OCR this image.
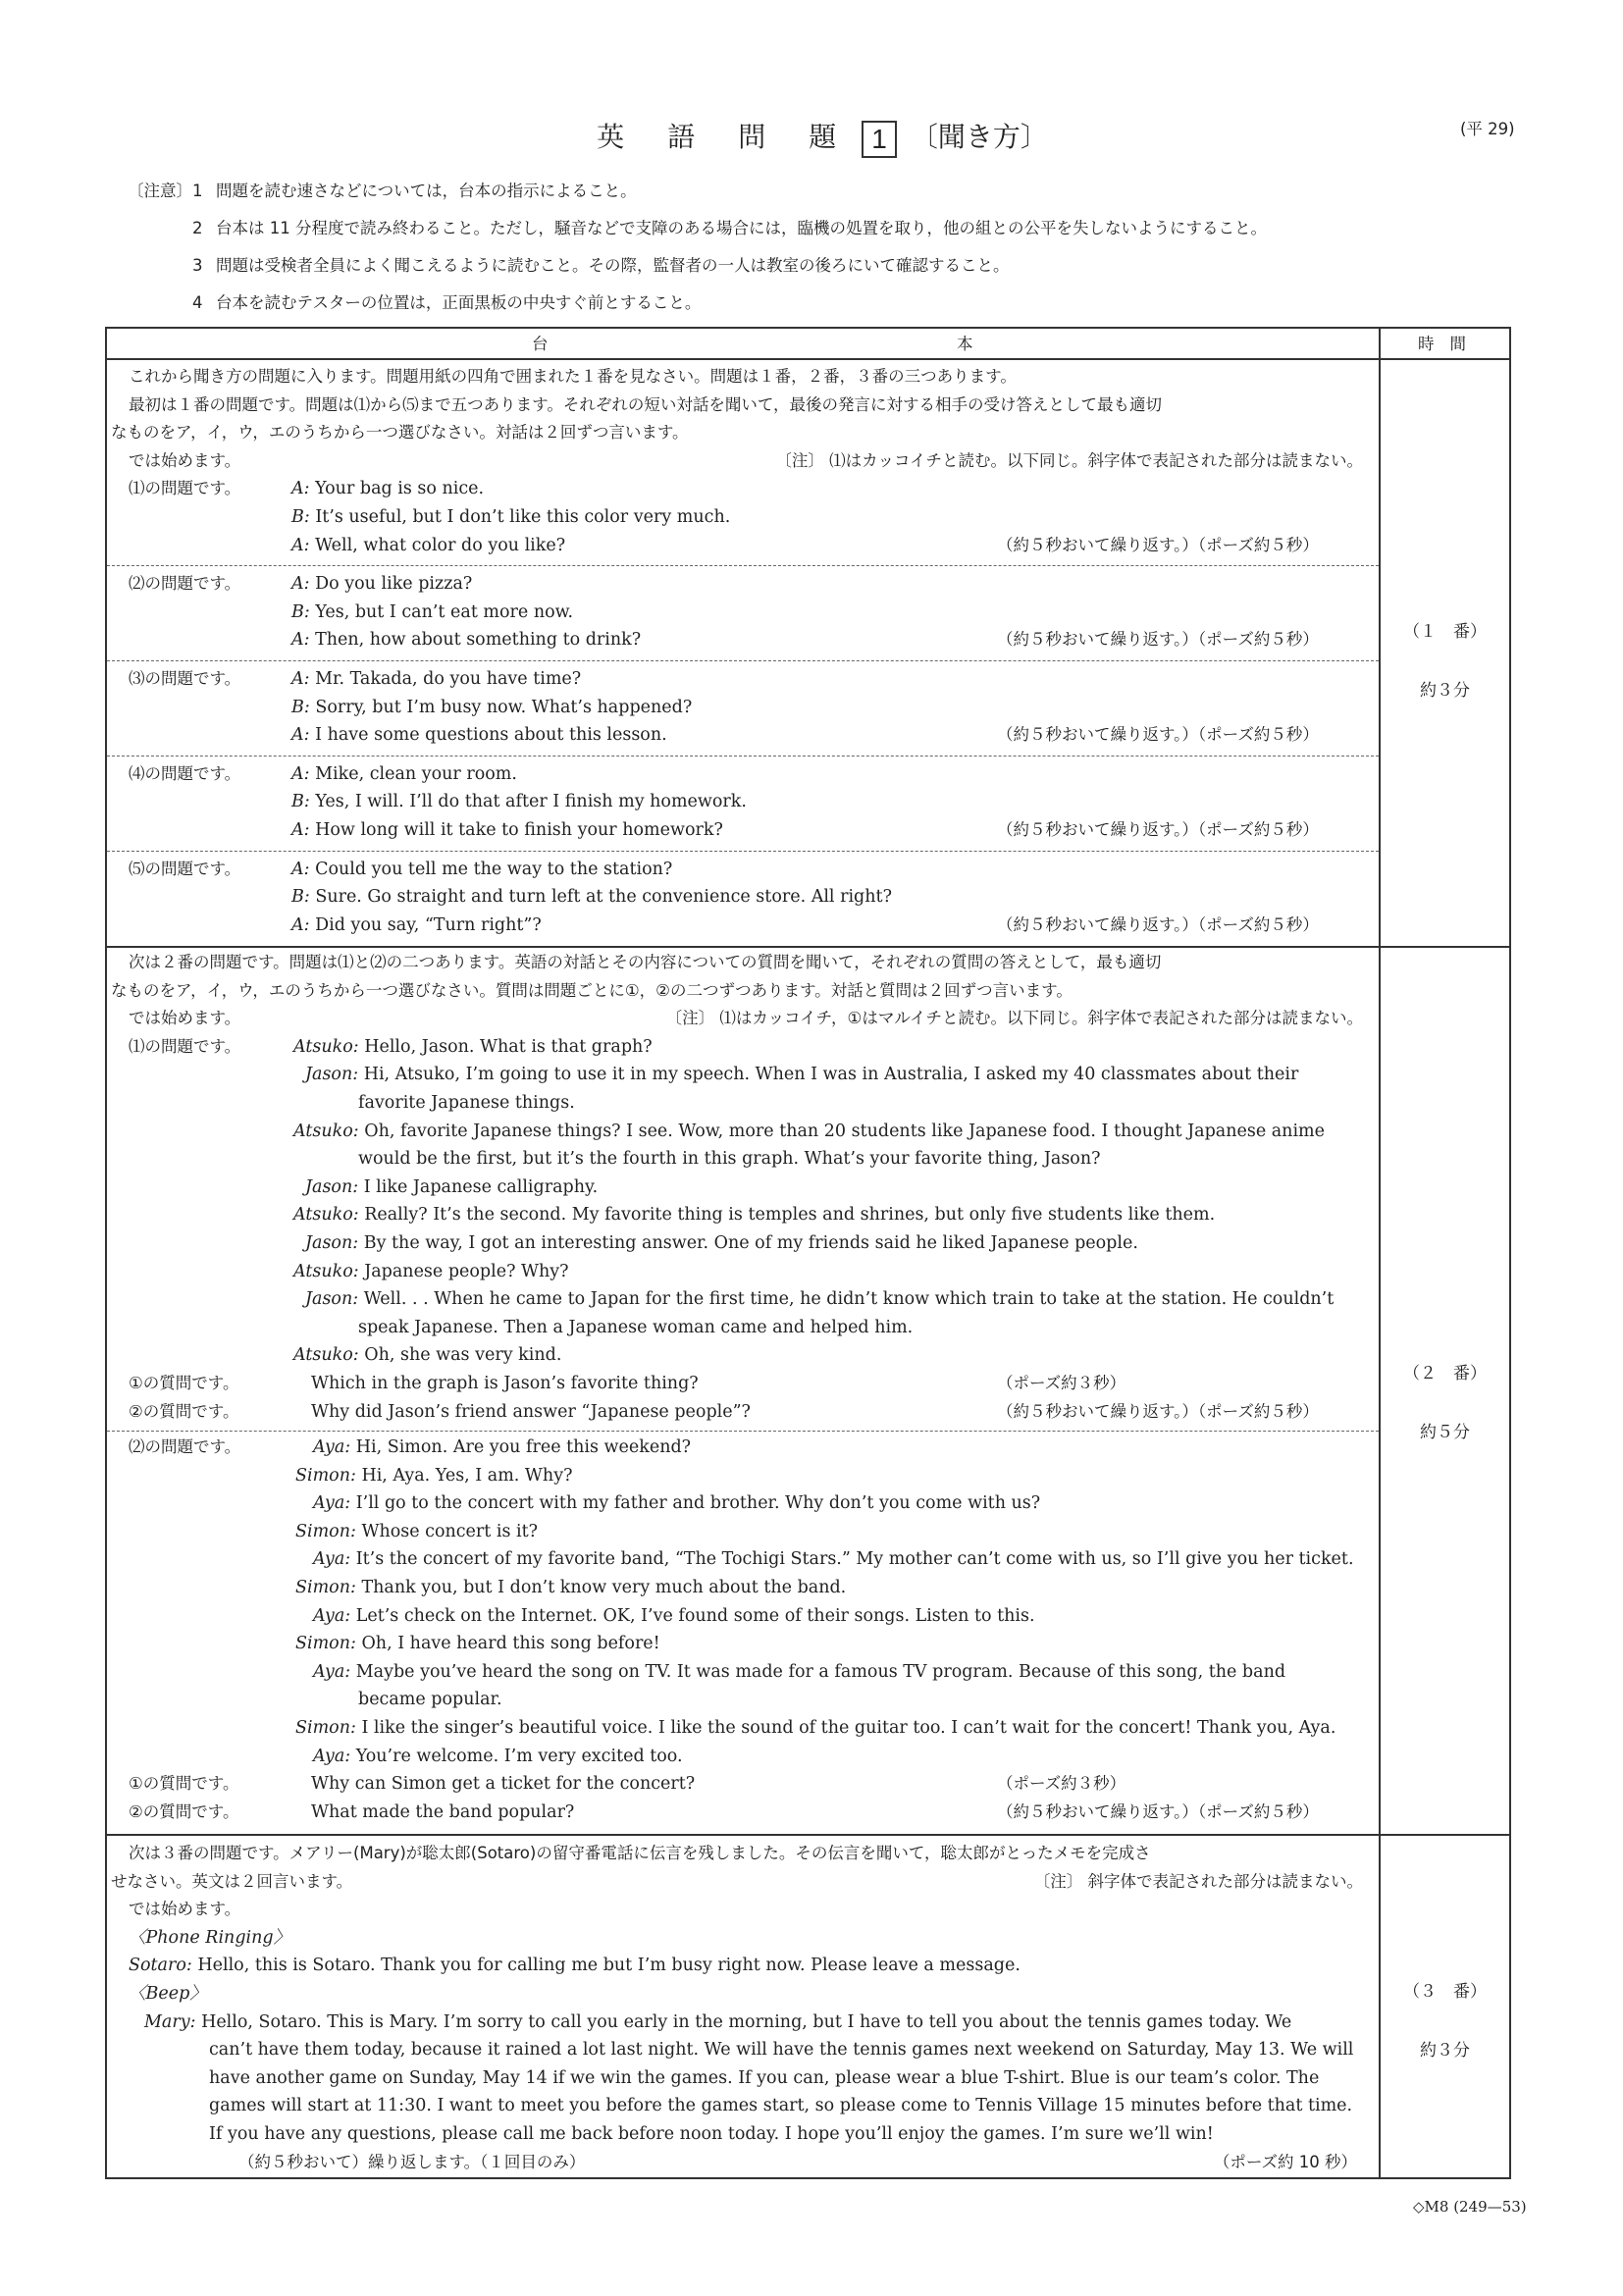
英 語 問 題 1 〔聞き方〕	(平 29)
〔注意〕 1 問題を読む速さなどについては，台本の指示によること。
2 台本は 11 分程度で読み終わること。ただし，騒音などで支障のある場合には，臨機の処置を取り，他の組との公平を失しないようにすること。
3 問題は受検者全員によく聞こえるように読むこと。その際，監督者の一人は教室の後ろにいて確認すること。
4 台本を読むテスターの位置は，正面黒板の中央すぐ前とすること。
台	本	時間
これから聞き方の問題に入ります。問題用紙の四角で囲まれた１番を見なさい。問題は１番，２番，３番の三つあります。
最初は１番の問題です。問題は⑴から⑸まで五つあります。それぞれの短い対話を聞いて，最後の発言に対する相手の受け答えとして最も適切
なものをア，イ，ウ，エのうちから一つ選びなさい。対話は２回ずつ言います。
では始めます。	〔注〕 ⑴はカッコイチと読む。以下同じ。斜字体で表記された部分は読まない。
⑴の問題です。	A: Your bag is so nice.
B: It’s useful, but I don’t like this color very much.
A: Well, what color do you like?	（約５秒おいて繰り返す。）（ポーズ約５秒）
⑵の問題です。	A: Do you like pizza?
B: Yes, but I can’t eat more now.
A: Then, how about something to drink?	（約５秒おいて繰り返す。）（ポーズ約５秒）
⑶の問題です。	A: Mr. Takada, do you have time?
B: Sorry, but I’m busy now. What’s happened?
A: I have some questions about this lesson.	（約５秒おいて繰り返す。）（ポーズ約５秒）
⑷の問題です。	A: Mike, clean your room.
B: Yes, I will. I’ll do that after I finish my homework.
A: How long will it take to finish your homework?	（約５秒おいて繰り返す。）（ポーズ約５秒）
⑸の問題です。	A: Could you tell me the way to the station?
B: Sure. Go straight and turn left at the convenience store. All right?
A: Did you say, “Turn right”?	（約５秒おいて繰り返す。）（ポーズ約５秒）
（１　番）
約３分
次は２番の問題です。問題は⑴と⑵の二つあります。英語の対話とその内容についての質問を聞いて，それぞれの質問の答えとして，最も適切
なものをア，イ，ウ，エのうちから一つ選びなさい。質問は問題ごとに①，②の二つずつあります。対話と質問は２回ずつ言います。
では始めます。	〔注〕 ⑴はカッコイチ，①はマルイチと読む。以下同じ。斜字体で表記された部分は読まない。
⑴の問題です。	Atsuko: Hello, Jason. What is that graph?
Jason: Hi, Atsuko, I’m going to use it in my speech. When I was in Australia, I asked my 40 classmates about their
favorite Japanese things.
Atsuko: Oh, favorite Japanese things? I see. Wow, more than 20 students like Japanese food. I thought Japanese anime
would be the first, but it’s the fourth in this graph. What’s your favorite thing, Jason?
Jason: I like Japanese calligraphy.
Atsuko: Really? It’s the second. My favorite thing is temples and shrines, but only five students like them.
Jason: By the way, I got an interesting answer. One of my friends said he liked Japanese people.
Atsuko: Japanese people? Why?
Jason: Well. . . When he came to Japan for the first time, he didn’t know which train to take at the station. He couldn’t
speak Japanese. Then a Japanese woman came and helped him.
Atsuko: Oh, she was very kind.
①の質問です。	Which in the graph is Jason’s favorite thing?	（ポーズ約３秒）
②の質問です。	Why did Jason’s friend answer “Japanese people”?	（約５秒おいて繰り返す。）（ポーズ約５秒）
⑵の問題です。	Aya: Hi, Simon. Are you free this weekend?
Simon: Hi, Aya. Yes, I am. Why?
Aya: I’ll go to the concert with my father and brother. Why don’t you come with us?
Simon: Whose concert is it?
Aya: It’s the concert of my favorite band, “The Tochigi Stars.” My mother can’t come with us, so I’ll give you her ticket.
Simon: Thank you, but I don’t know very much about the band.
Aya: Let’s check on the Internet. OK, I’ve found some of their songs. Listen to this.
Simon: Oh, I have heard this song before!
Aya: Maybe you’ve heard the song on TV. It was made for a famous TV program. Because of this song, the band
became popular.
Simon: I like the singer’s beautiful voice. I like the sound of the guitar too. I can’t wait for the concert! Thank you, Aya.
Aya: You’re welcome. I’m very excited too.
①の質問です。	Why can Simon get a ticket for the concert?	（ポーズ約３秒）
②の質問です。	What made the band popular?	（約５秒おいて繰り返す。）（ポーズ約５秒）
（２　番）
約５分
次は３番の問題です。メアリー(Mary)が聡太郎(Sotaro)の留守番電話に伝言を残しました。その伝言を聞いて，聡太郎がとったメモを完成さ
せなさい。英文は２回言います。	〔注〕 斜字体で表記された部分は読まない。
では始めます。
〈Phone Ringing〉
Sotaro: Hello, this is Sotaro. Thank you for calling me but I’m busy right now. Please leave a message.
〈Beep〉
Mary: Hello, Sotaro. This is Mary. I’m sorry to call you early in the morning, but I have to tell you about the tennis games today. We
can’t have them today, because it rained a lot last night. We will have the tennis games next weekend on Saturday, May 13. We will
have another game on Sunday, May 14 if we win the games. If you can, please wear a blue T-shirt. Blue is our team’s color. The
games will start at 11:30. I want to meet you before the games start, so please come to Tennis Village 15 minutes before that time.
If you have any questions, please call me back before noon today. I hope you’ll enjoy the games. I’m sure we’ll win!
（約５秒おいて）繰り返します。（１回目のみ）	（ポーズ約 10 秒）
（３　番）
約３分
◇M8 (249—53)
